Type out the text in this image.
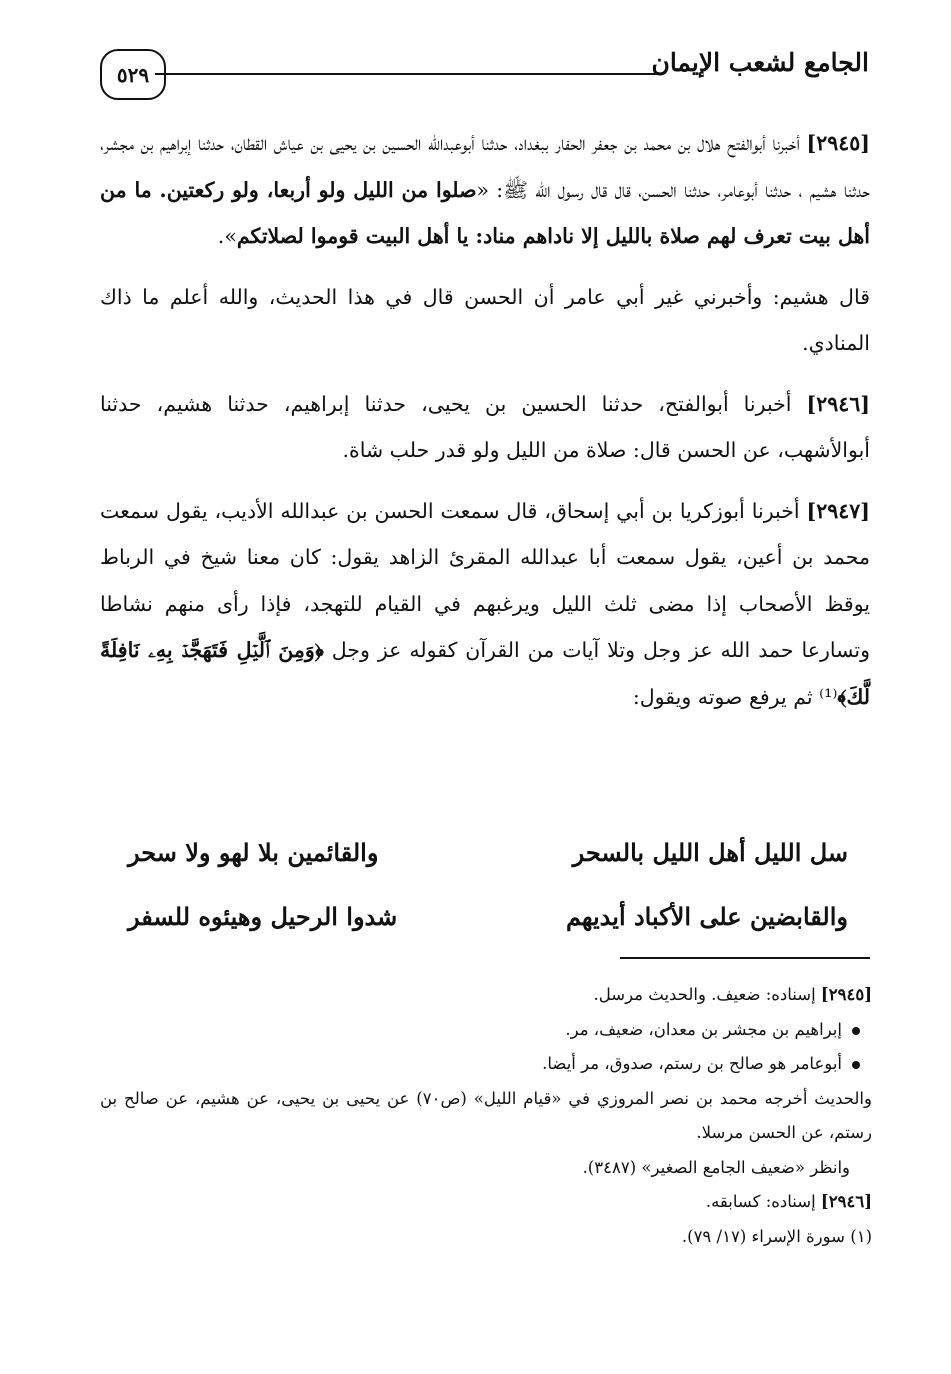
الجامع لشعب الإيمان
٥٢٩

[٢٩٤٥] أخبرنا أبوالفتح هلال بن محمد بن جعفر الحفار ببغداد، حدثنا أبوعبدالله الحسين بن يحيى بن عياش القطان، حدثنا إبراهيم بن مجشر، حدثنا هشيم ، حدثنا أبوعامر، حدثنا الحسن، قال قال رسول الله ﷺ: «صلوا من الليل ولو أربعا، ولو ركعتين. ما من أهل بيت تعرف لهم صلاة بالليل إلا ناداهم مناد: يا أهل البيت قوموا لصلاتكم».

قال هشيم: وأخبرني غير أبي عامر أن الحسن قال في هذا الحديث، والله أعلم ما ذاك المنادي.

[٢٩٤٦] أخبرنا أبوالفتح، حدثنا الحسين بن يحيى، حدثنا إبراهيم، حدثنا هشيم، حدثنا أبوالأشهب، عن الحسن قال: صلاة من الليل ولو قدر حلب شاة.

[٢٩٤٧] أخبرنا أبوزكريا بن أبي إسحاق، قال سمعت الحسن بن عبدالله الأديب، يقول سمعت محمد بن أعين، يقول سمعت أبا عبدالله المقرئ الزاهد يقول: كان معنا شيخ في الرباط يوقظ الأصحاب إذا مضى ثلث الليل ويرغبهم في القيام للتهجد، فإذا رأى منهم نشاطا وتسارعا حمد الله عز وجل وتلا آيات من القرآن كقوله عز وجل ﴿وَمِنَ ٱلَّيۡلِ فَتَهَجَّدۡ بِهِۦ نَافِلَةً لَّكَ﴾⁽¹⁾ ثم يرفع صوته ويقول:

سل الليل أهل الليل بالسحر
والقائمين بلا لهو ولا سحر
والقابضين على الأكباد أيديهم
شدوا الرحيل وهيئوه للسفر

[٢٩٤٥] إسناده: ضعيف. والحديث مرسل.

إبراهيم بن مجشر بن معدان، ضعيف، مر.

أبوعامر هو صالح بن رستم، صدوق، مر أيضا.

والحديث أخرجه محمد بن نصر المروزي في «قيام الليل» (ص٧٠) عن يحيى بن يحيى، عن هشيم، عن صالح بن رستم، عن الحسن مرسلا.

وانظر «ضعيف الجامع الصغير» (٣٤٨٧).

[٢٩٤٦] إسناده: كسابقه.

(١) سورة الإسراء (١٧/ ٧٩).
